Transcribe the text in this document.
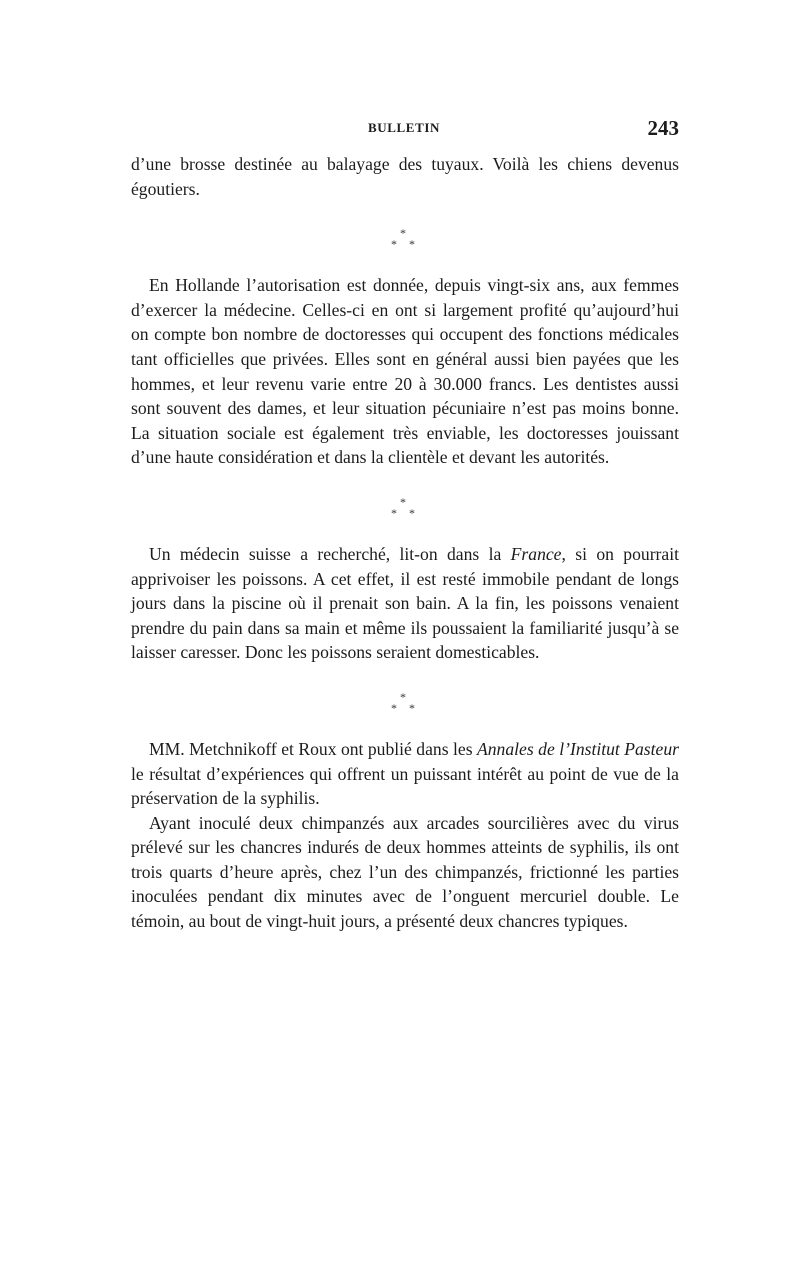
BULLETIN	243

d’une brosse destinée au balayage des tuyaux. Voilà les chiens devenus égoutiers.

*
* *

En Hollande l’autorisation est donnée, depuis vingt-six ans, aux femmes d’exercer la médecine. Celles-ci en ont si largement profité qu’aujourd’hui on compte bon nombre de doctoresses qui occupent des fonctions médicales tant officielles que privées. Elles sont en général aussi bien payées que les hommes, et leur revenu varie entre 20 à 30.000 francs. Les dentistes aussi sont souvent des dames, et leur situation pécuniaire n’est pas moins bonne. La situation sociale est également très enviable, les doctoresses jouissant d’une haute considération et dans la clientèle et devant les autorités.

*
* *

Un médecin suisse a recherché, lit-on dans la France, si on pourrait apprivoiser les poissons. A cet effet, il est resté immobile pendant de longs jours dans la piscine où il prenait son bain. A la fin, les poissons venaient prendre du pain dans sa main et même ils poussaient la familiarité jusqu’à se laisser caresser. Donc les poissons seraient domesticables.

*
* *

MM. Metchnikoff et Roux ont publié dans les Annales de l’Institut Pasteur le résultat d’expériences qui offrent un puissant intérêt au point de vue de la préservation de la syphilis.

Ayant inoculé deux chimpanzés aux arcades sourcilières avec du virus prélevé sur les chancres indurés de deux hommes atteints de syphilis, ils ont trois quarts d’heure après, chez l’un des chimpanzés, frictionné les parties inoculées pendant dix minutes avec de l’onguent mercuriel double. Le témoin, au bout de vingt-huit jours, a présenté deux chancres typiques.
